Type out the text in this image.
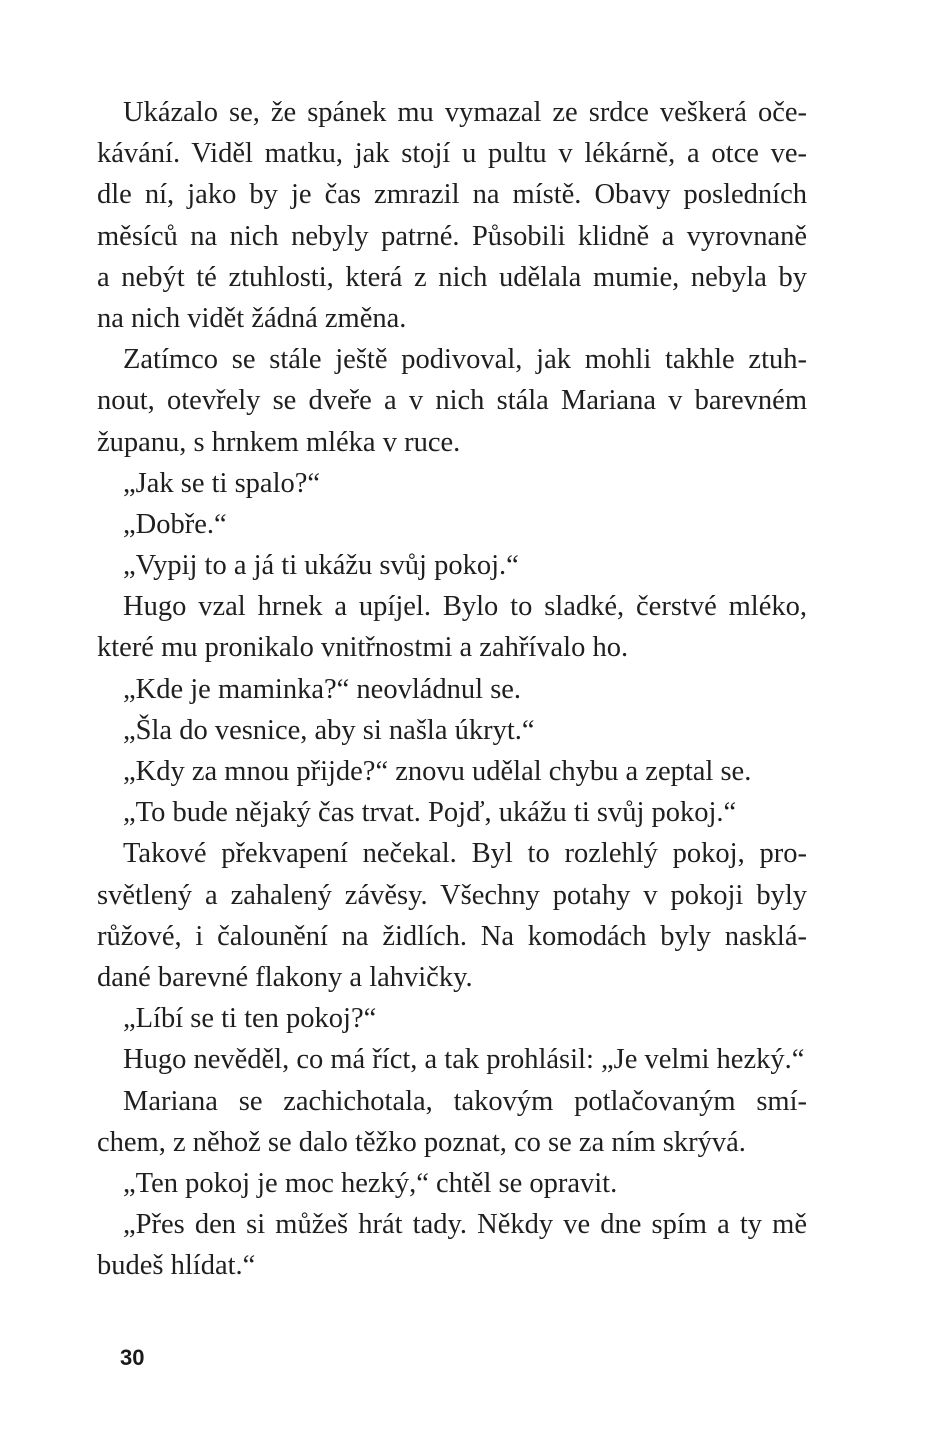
Ukázalo se, že spánek mu vymazal ze srdce veškerá oče-
kávání. Viděl matku, jak stojí u pultu v lékárně, a otce ve-
dle ní, jako by je čas zmrazil na místě. Obavy posledních
měsíců na nich nebyly patrné. Působili klidně a vyrovnaně
a nebýt té ztuhlosti, která z nich udělala mumie, nebyla by
na nich vidět žádná změna.
Zatímco se stále ještě podivoval, jak mohli takhle ztuh-
nout, otevřely se dveře a v nich stála Mariana v barevném
županu, s hrnkem mléka v ruce.
„Jak se ti spalo?“
„Dobře.“
„Vypij to a já ti ukážu svůj pokoj.“
Hugo vzal hrnek a upíjel. Bylo to sladké, čerstvé mléko,
které mu pronikalo vnitřnostmi a zahřívalo ho.
„Kde je maminka?“ neovládnul se.
„Šla do vesnice, aby si našla úkryt.“
„Kdy za mnou přijde?“ znovu udělal chybu a zeptal se.
„To bude nějaký čas trvat. Pojď, ukážu ti svůj pokoj.“
Takové překvapení nečekal. Byl to rozlehlý pokoj, pro-
světlený a zahalený závěsy. Všechny potahy v pokoji byly
růžové, i čalounění na židlích. Na komodách byly nasklá-
dané barevné flakony a lahvičky.
„Líbí se ti ten pokoj?“
Hugo nevěděl, co má říct, a tak prohlásil: „Je velmi hezký.“
Mariana se zachichotala, takovým potlačovaným smí-
chem, z něhož se dalo těžko poznat, co se za ním skrývá.
„Ten pokoj je moc hezký,“ chtěl se opravit.
„Přes den si můžeš hrát tady. Někdy ve dne spím a ty mě
budeš hlídat.“
30
